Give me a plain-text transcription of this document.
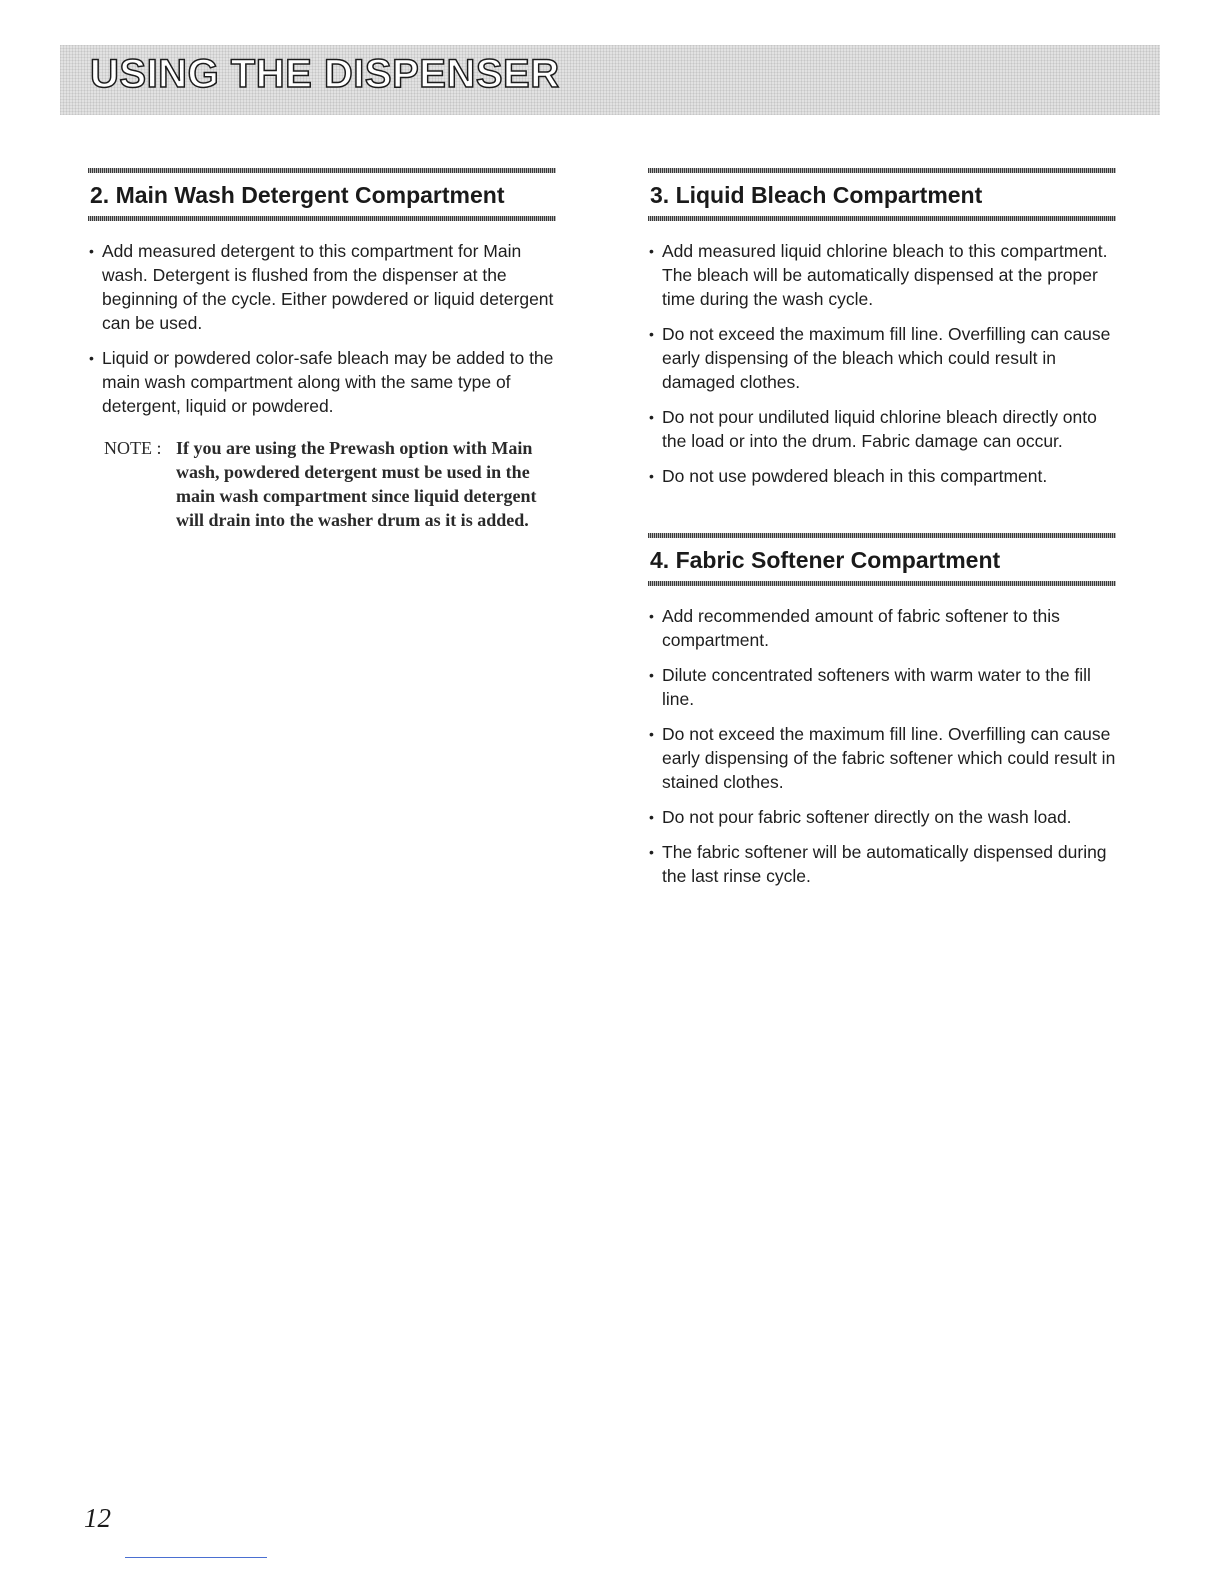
USING THE DISPENSER
2. Main Wash Detergent Compartment
• Add measured detergent to this compartment for Main wash. Detergent is flushed from the dispenser at the beginning of the cycle. Either powdered or liquid detergent can be used.
• Liquid or powdered color-safe bleach may be added to the main wash compartment along with the same type of detergent, liquid or powdered.
NOTE : If you are using the Prewash option with Main wash, powdered detergent must be used in the main wash compartment since liquid detergent will drain into the washer drum as it is added.
3. Liquid Bleach Compartment
• Add measured liquid chlorine bleach to this compartment. The bleach will be automatically dispensed at the proper time during the wash cycle.
• Do not exceed the maximum fill line. Overfilling can cause early dispensing of the bleach which could result in damaged clothes.
• Do not pour undiluted liquid chlorine bleach directly onto the load or into the drum. Fabric damage can occur.
• Do not use powdered bleach in this compartment.
4. Fabric Softener Compartment
• Add recommended amount of fabric softener to this compartment.
• Dilute concentrated softeners with warm water to the fill line.
• Do not exceed the maximum fill line. Overfilling can cause early dispensing of the fabric softener which could result in stained clothes.
• Do not pour fabric softener directly on the wash load.
• The fabric softener will be automatically dispensed during the last rinse cycle.
12
